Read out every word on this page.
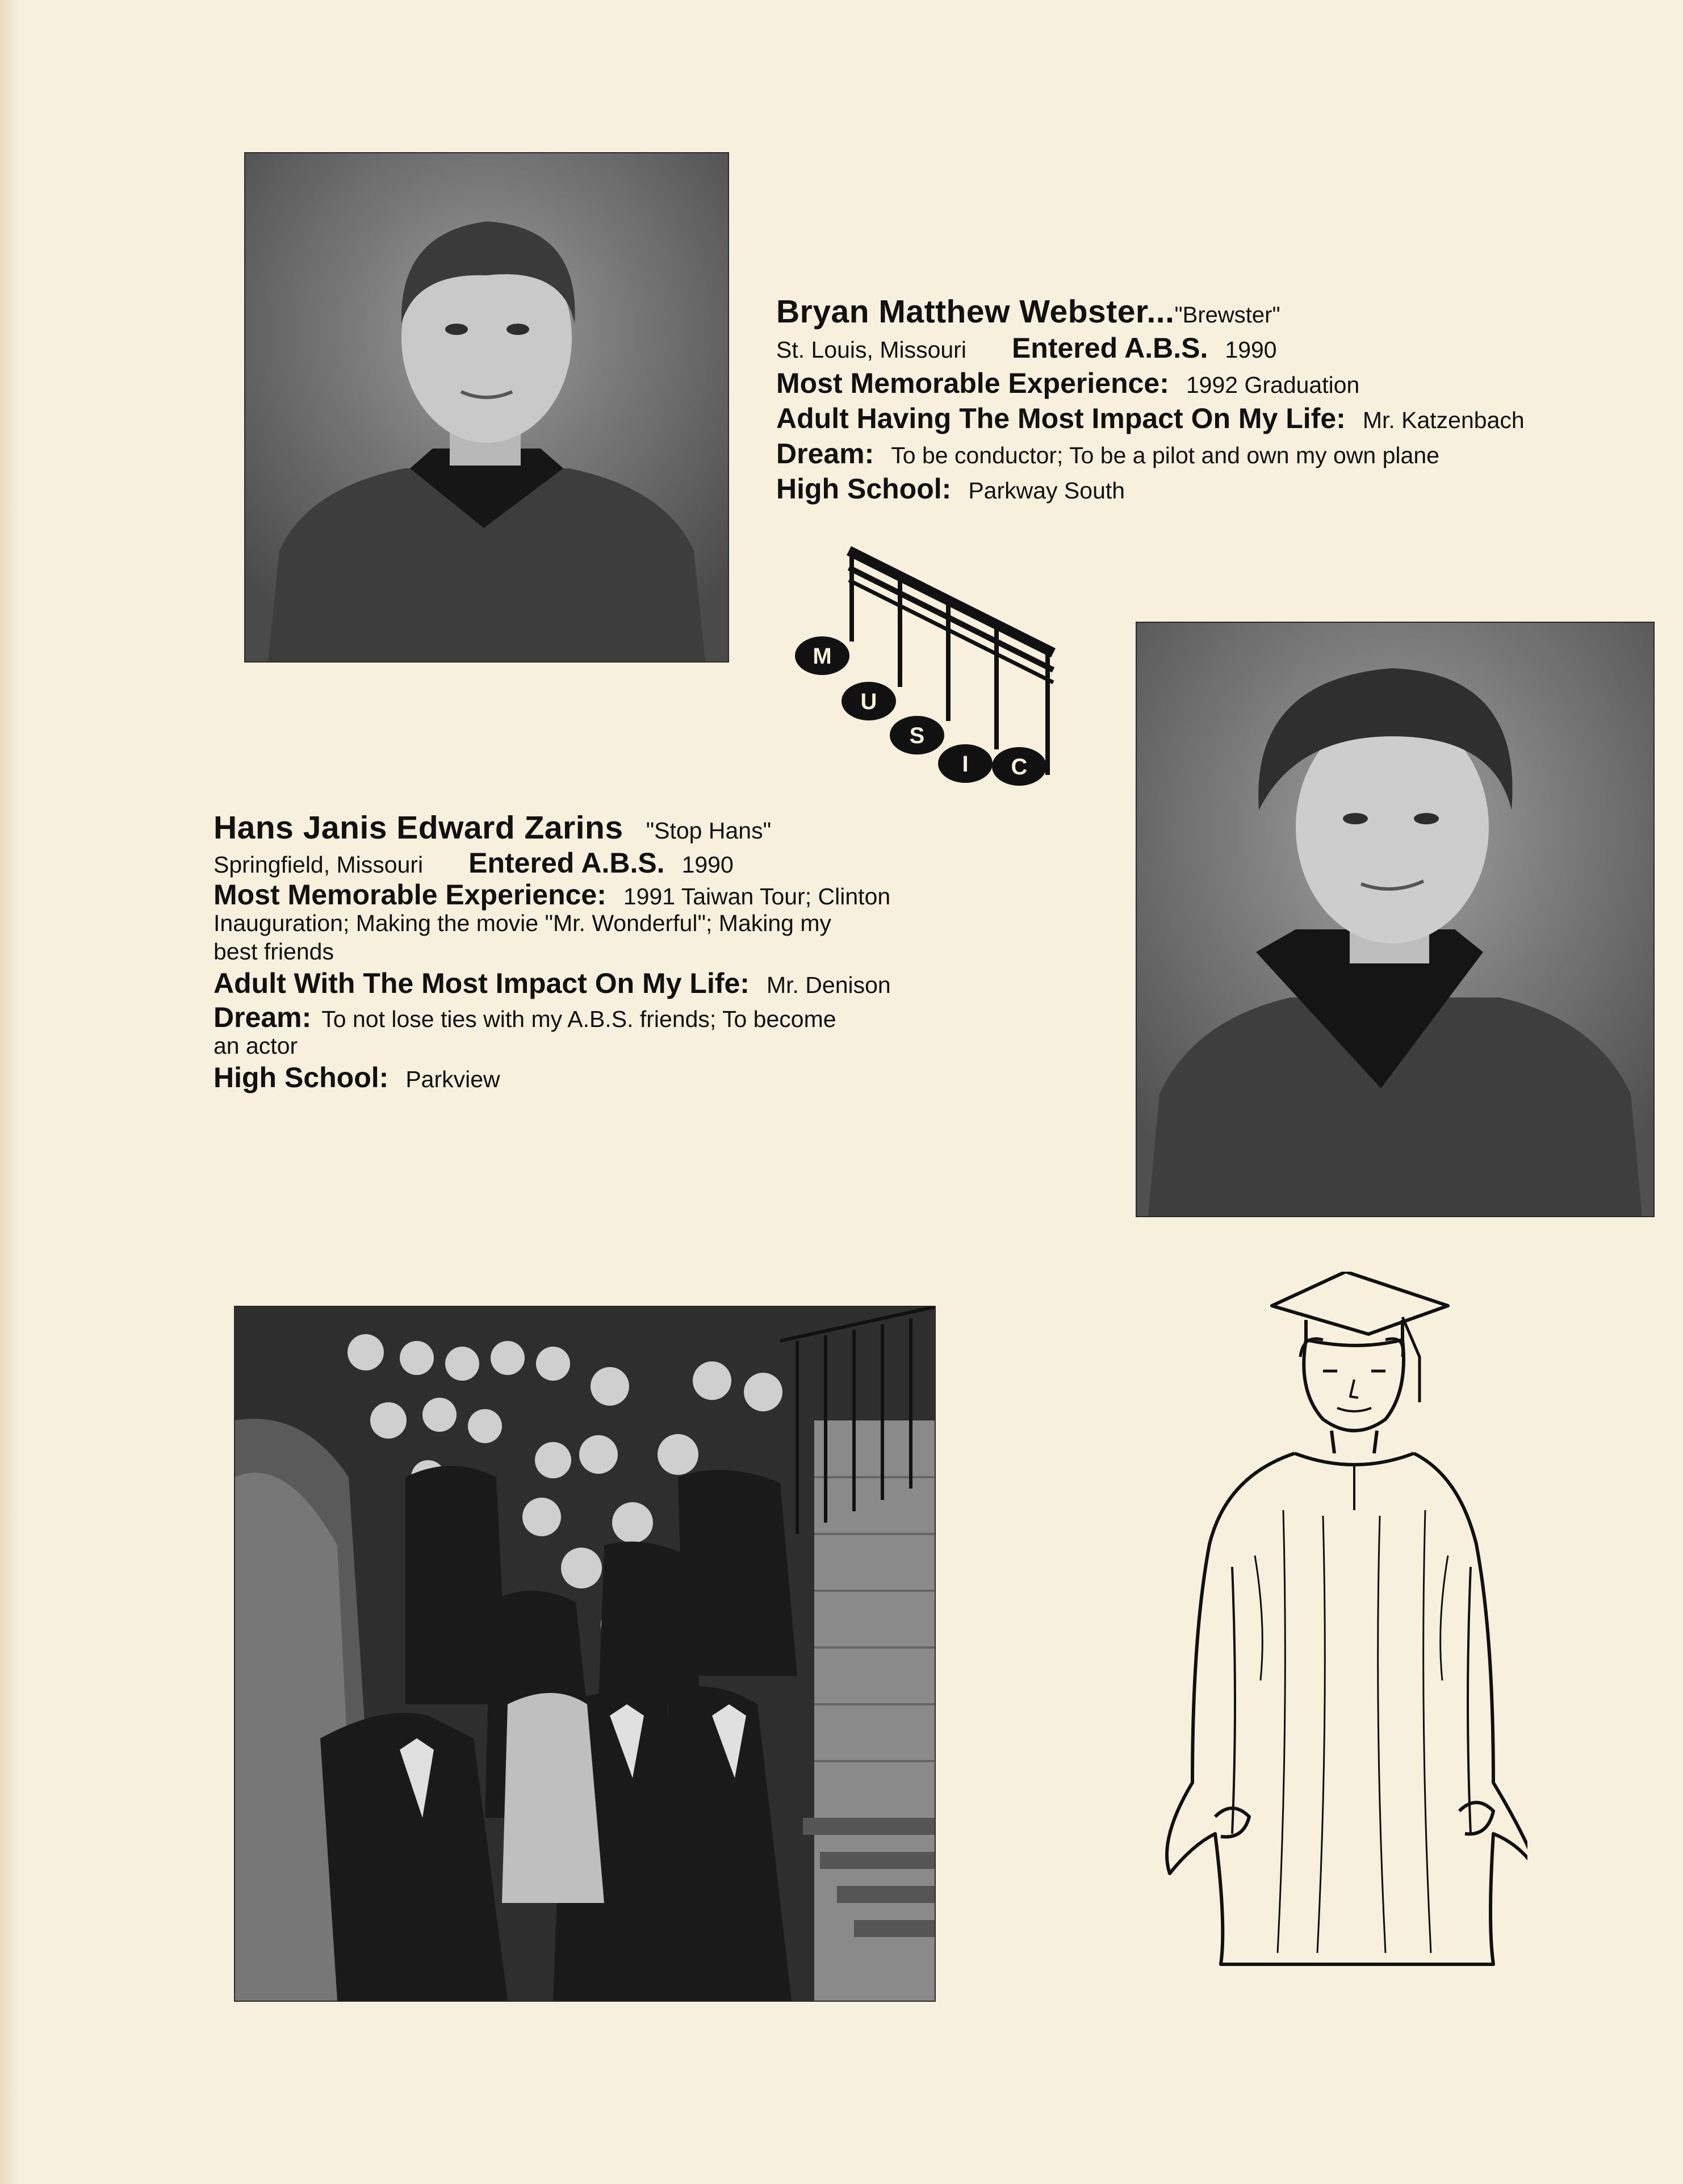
Bryan Matthew Webster..."Brewster"
St. Louis, Missouri Entered A.B.S. 1990
Most Memorable Experience: 1992 Graduation
Adult Having The Most Impact On My Life: Mr. Katzenbach
Dream: To be conductor; To be a pilot and own my own plane
High School: Parkway South
M
U
S
I C
Hans Janis Edward Zarins "Stop Hans"
Springfield, Missouri Entered A.B.S. 1990
Most Memorable Experience: 1991 Taiwan Tour; Clinton
Inauguration; Making the movie "Mr. Wonderful"; Making my
best friends
Adult With The Most Impact On My Life: Mr. Denison
Dream: To not lose ties with my A.B.S. friends; To become
an actor
High School: Parkview
